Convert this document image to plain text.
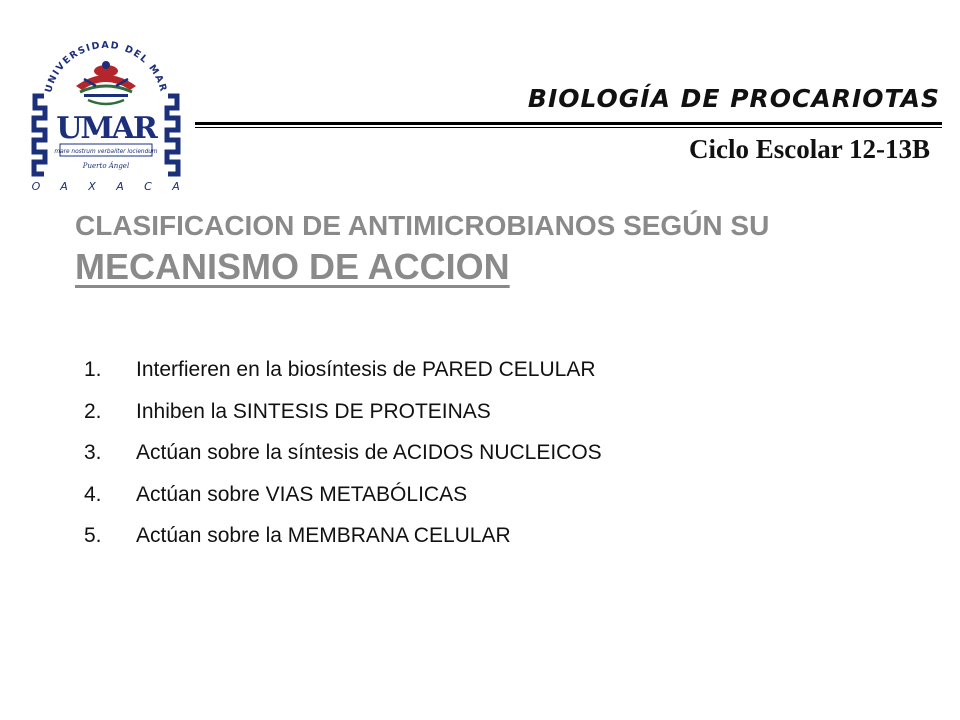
UNIVERSIDAD DEL MAR
UMAR
mare nostrum verbaliter lociendum
Puerto Ángel
O A X A C A
BIOLOGÍA DE PROCARIOTAS
Ciclo Escolar 12-13B
CLASIFICACION DE ANTIMICROBIANOS SEGÚN SU
MECANISMO DE ACCION
1.	Interfieren en la biosíntesis de PARED CELULAR
2.	Inhiben la SINTESIS DE PROTEINAS
3.	Actúan sobre la síntesis de ACIDOS NUCLEICOS
4.	Actúan sobre VIAS METABÓLICAS
5.	Actúan sobre la MEMBRANA CELULAR
